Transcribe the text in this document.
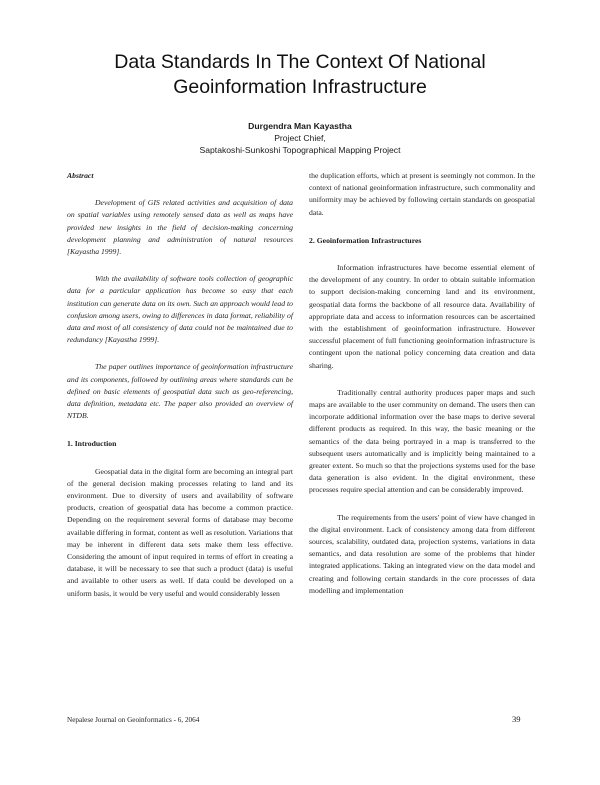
Data Standards In The Context Of National
Geoinformation Infrastructure
Durgendra Man Kayastha
Project Chief,
Saptakoshi-Sunkoshi Topographical Mapping Project

Abstract

Development of GIS related activities and acquisition of data on spatial variables using remotely sensed data as well as maps have provided new insights in the field of decision-making concerning development planning and administration of natural resources [Kayastha 1999].

With the availability of software tools collection of geographic data for a particular application has become so easy that each institution can generate data on its own. Such an approach would lead to confusion among users, owing to differences in data format, reliability of data and most of all consistency of data could not be maintained due to redundancy [Kayastha 1999].

The paper outlines importance of geoinformation infrastructure and its components, followed by outlining areas where standards can be defined on basic elements of geospatial data such as geo-referencing, data definition, metadata etc. The paper also provided an overview of NTDB.

1. Introduction

Geospatial data in the digital form are becoming an integral part of the general decision making processes relating to land and its environment. Due to diversity of users and availability of software products, creation of geospatial data has become a common practice. Depending on the requirement several forms of database may become available differing in format, content as well as resolution. Variations that may be inherent in different data sets make them less effective. Considering the amount of input required in terms of effort in creating a database, it will be necessary to see that such a product (data) is useful and available to other users as well. If data could be developed on a uniform basis, it would be very useful and would considerably lessen

the duplication efforts, which at present is seemingly not common. In the context of national geoinformation infrastructure, such commonality and uniformity may be achieved by following certain standards on geospatial data.

2. Geoinformation Infrastructures

Information infrastructures have become essential element of the development of any country. In order to obtain suitable information to support decision-making concerning land and its environment, geospatial data forms the backbone of all resource data. Availability of appropriate data and access to information resources can be ascertained with the establishment of geoinformation infrastructure. However successful placement of full functioning geoinformation infrastructure is contingent upon the national policy concerning data creation and data sharing.

Traditionally central authority produces paper maps and such maps are available to the user community on demand. The users then can incorporate additional information over the base maps to derive several different products as required. In this way, the basic meaning or the semantics of the data being portrayed in a map is transferred to the subsequent users automatically and is implicitly being maintained to a greater extent. So much so that the projections systems used for the base data generation is also evident. In the digital environment, these processes require special attention and can be considerably improved.

The requirements from the users' point of view have changed in the digital environment. Lack of consistency among data from different sources, scalability, outdated data, projection systems, variations in data semantics, and data resolution are some of the problems that hinder integrated applications. Taking an integrated view on the data model and creating and following certain standards in the core processes of data modelling and implementation

Nepalese Journal on Geoinformatics - 6, 2064	39
